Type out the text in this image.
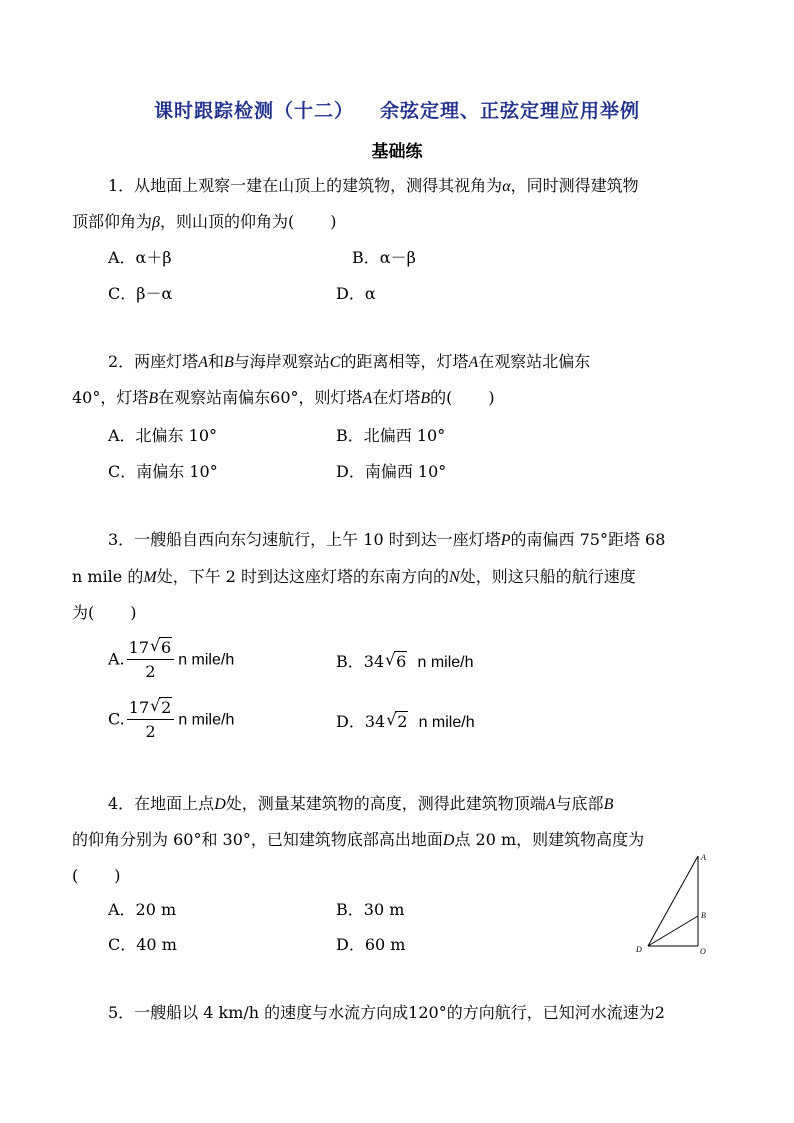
课时跟踪检测（十二） 余弦定理、正弦定理应用举例
基础练
1．从地面上观察一建在山顶上的建筑物，测得其视角为α，同时测得建筑物
顶部仰角为β，则山顶的仰角为( )
A．α＋β	B．α－β
C．β－α	D．α
2．两座灯塔A和B与海岸观察站C的距离相等，灯塔A在观察站北偏东
40°，灯塔B在观察站南偏东60°，则灯塔A在灯塔B的( )
A．北偏东 10°	B．北偏西 10°
C．南偏东 10°	D．南偏西 10°
3．一艘船自西向东匀速航行，上午 10 时到达一座灯塔P的南偏西 75°距塔 68
n mile 的M处，下午 2 时到达这座灯塔的东南方向的N处，则这只船的航行速度
为( )
A. $\frac{17 √ 6}{2}$ n mile/h	B．34 √ 6 n mile/h
C. $\frac{17 √ 2}{2}$ n mile/h	D．34 √ 2 n mile/h
4．在地面上点D处，测量某建筑物的高度，测得此建筑物顶端A与底部B
的仰角分别为 60°和 30°，已知建筑物底部高出地面D点 20 m，则建筑物高度为
( )
A．20 m	B．30 m
C．40 m	D．60 m
A
B
D	O
5．一艘船以 4 km/h 的速度与水流方向成120°的方向航行，已知河水流速为2
